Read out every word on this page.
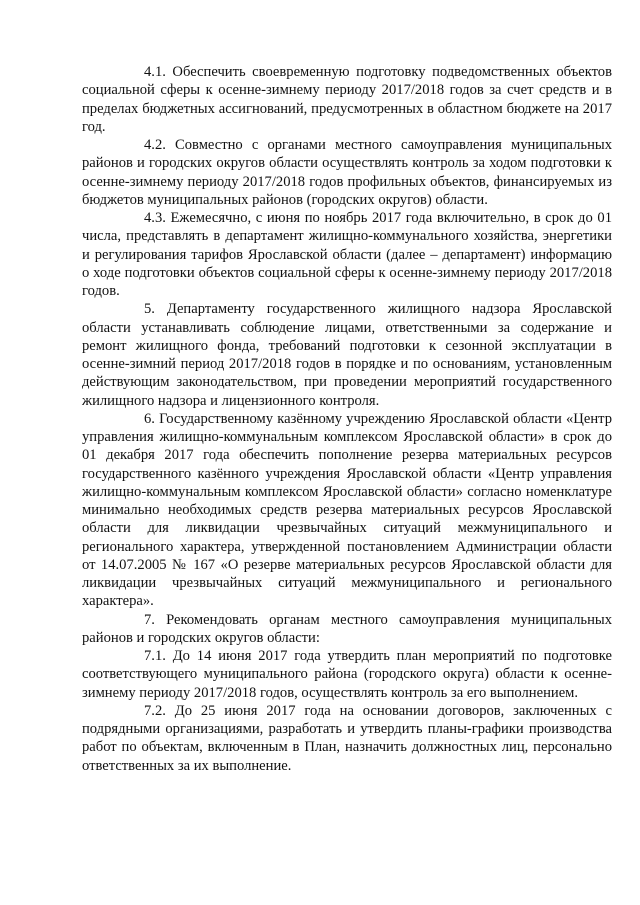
4.1. Обеспечить своевременную подготовку подведомственных объектов социальной сферы к осенне-зимнему периоду 2017/2018 годов за счет средств и в пределах бюджетных ассигнований, предусмотренных в областном бюджете на 2017 год.

4.2. Совместно с органами местного самоуправления муниципальных районов и городских округов области осуществлять контроль за ходом подготовки к осенне-зимнему периоду 2017/2018 годов профильных объектов, финансируемых из бюджетов муниципальных районов (городских округов) области.

4.3. Ежемесячно, с июня по ноябрь 2017 года включительно, в срок до 01 числа, представлять в департамент жилищно-коммунального хозяйства, энергетики и регулирования тарифов Ярославской области (далее – департамент) информацию о ходе подготовки объектов социальной сферы к осенне-зимнему периоду 2017/2018 годов.

5. Департаменту государственного жилищного надзора Ярославской области устанавливать соблюдение лицами, ответственными за содержание и ремонт жилищного фонда, требований подготовки к сезонной эксплуатации в осенне-зимний период 2017/2018 годов в порядке и по основаниям, установленным действующим законодательством, при проведении мероприятий государственного жилищного надзора и лицензионного контроля.

6. Государственному казённому учреждению Ярославской области «Центр управления жилищно-коммунальным комплексом Ярославской области» в срок до 01 декабря 2017 года обеспечить пополнение резерва материальных ресурсов государственного казённого учреждения Ярославской области «Центр управления жилищно-коммунальным комплексом Ярославской области» согласно номенклатуре минимально необходимых средств резерва материальных ресурсов Ярославской области для ликвидации чрезвычайных ситуаций межмуниципального и регионального характера, утвержденной постановлением Администрации области от 14.07.2005 № 167 «О резерве материальных ресурсов Ярославской области для ликвидации чрезвычайных ситуаций межмуниципального и регионального характера».

7. Рекомендовать органам местного самоуправления муниципальных районов и городских округов области:

7.1. До 14 июня 2017 года утвердить план мероприятий по подготовке соответствующего муниципального района (городского округа) области к осенне-зимнему периоду 2017/2018 годов, осуществлять контроль за его выполнением.

7.2. До 25 июня 2017 года на основании договоров, заключенных с подрядными организациями, разработать и утвердить планы-графики производства работ по объектам, включенным в План, назначить должностных лиц, персонально ответственных за их выполнение.
